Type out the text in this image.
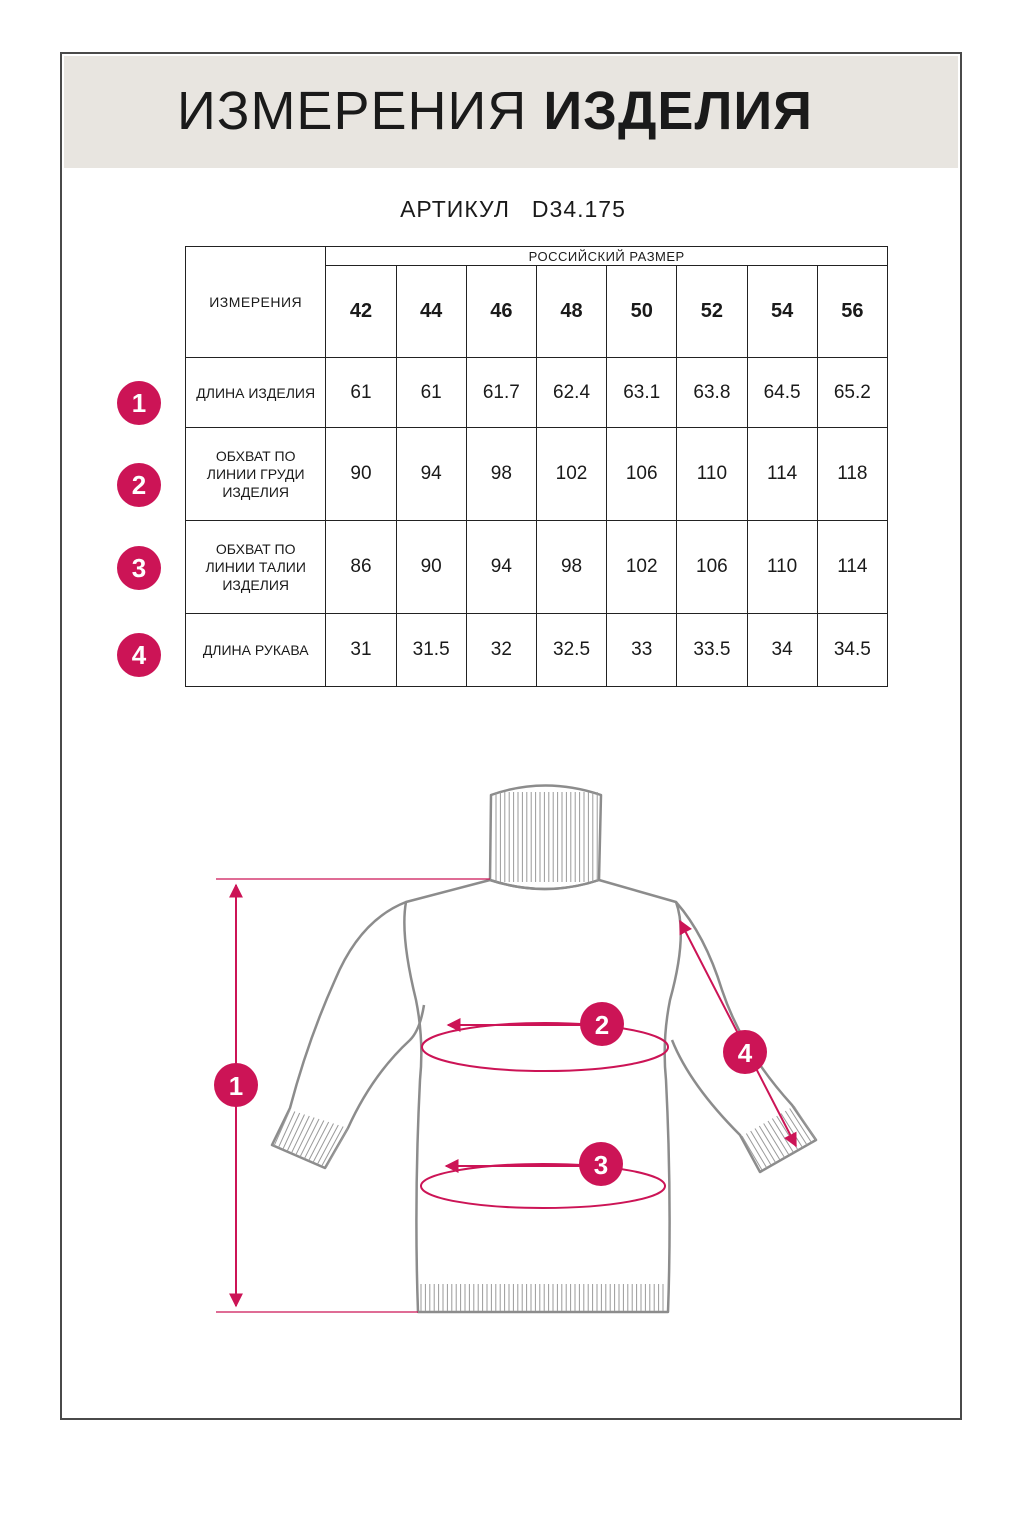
ИЗМЕРЕНИЯ ИЗДЕЛИЯ
АРТИКУЛ D34.175
ИЗМЕРЕНИЯ	РОССИЙСКИЙ РАЗМЕР							
	42	44	46	48	50	52	54	56
ДЛИНА ИЗДЕЛИЯ	61	61	61.7	62.4	63.1	63.8	64.5	65.2
ОБХВАТ ПО ЛИНИИ ГРУДИ ИЗДЕЛИЯ	90	94	98	102	106	110	114	118
ОБХВАТ ПО ЛИНИИ ТАЛИИ ИЗДЕЛИЯ	86	90	94	98	102	106	110	114
ДЛИНА РУКАВА	31	31.5	32	32.5	33	33.5	34	34.5
1
2
3
4
1
2
3
4
